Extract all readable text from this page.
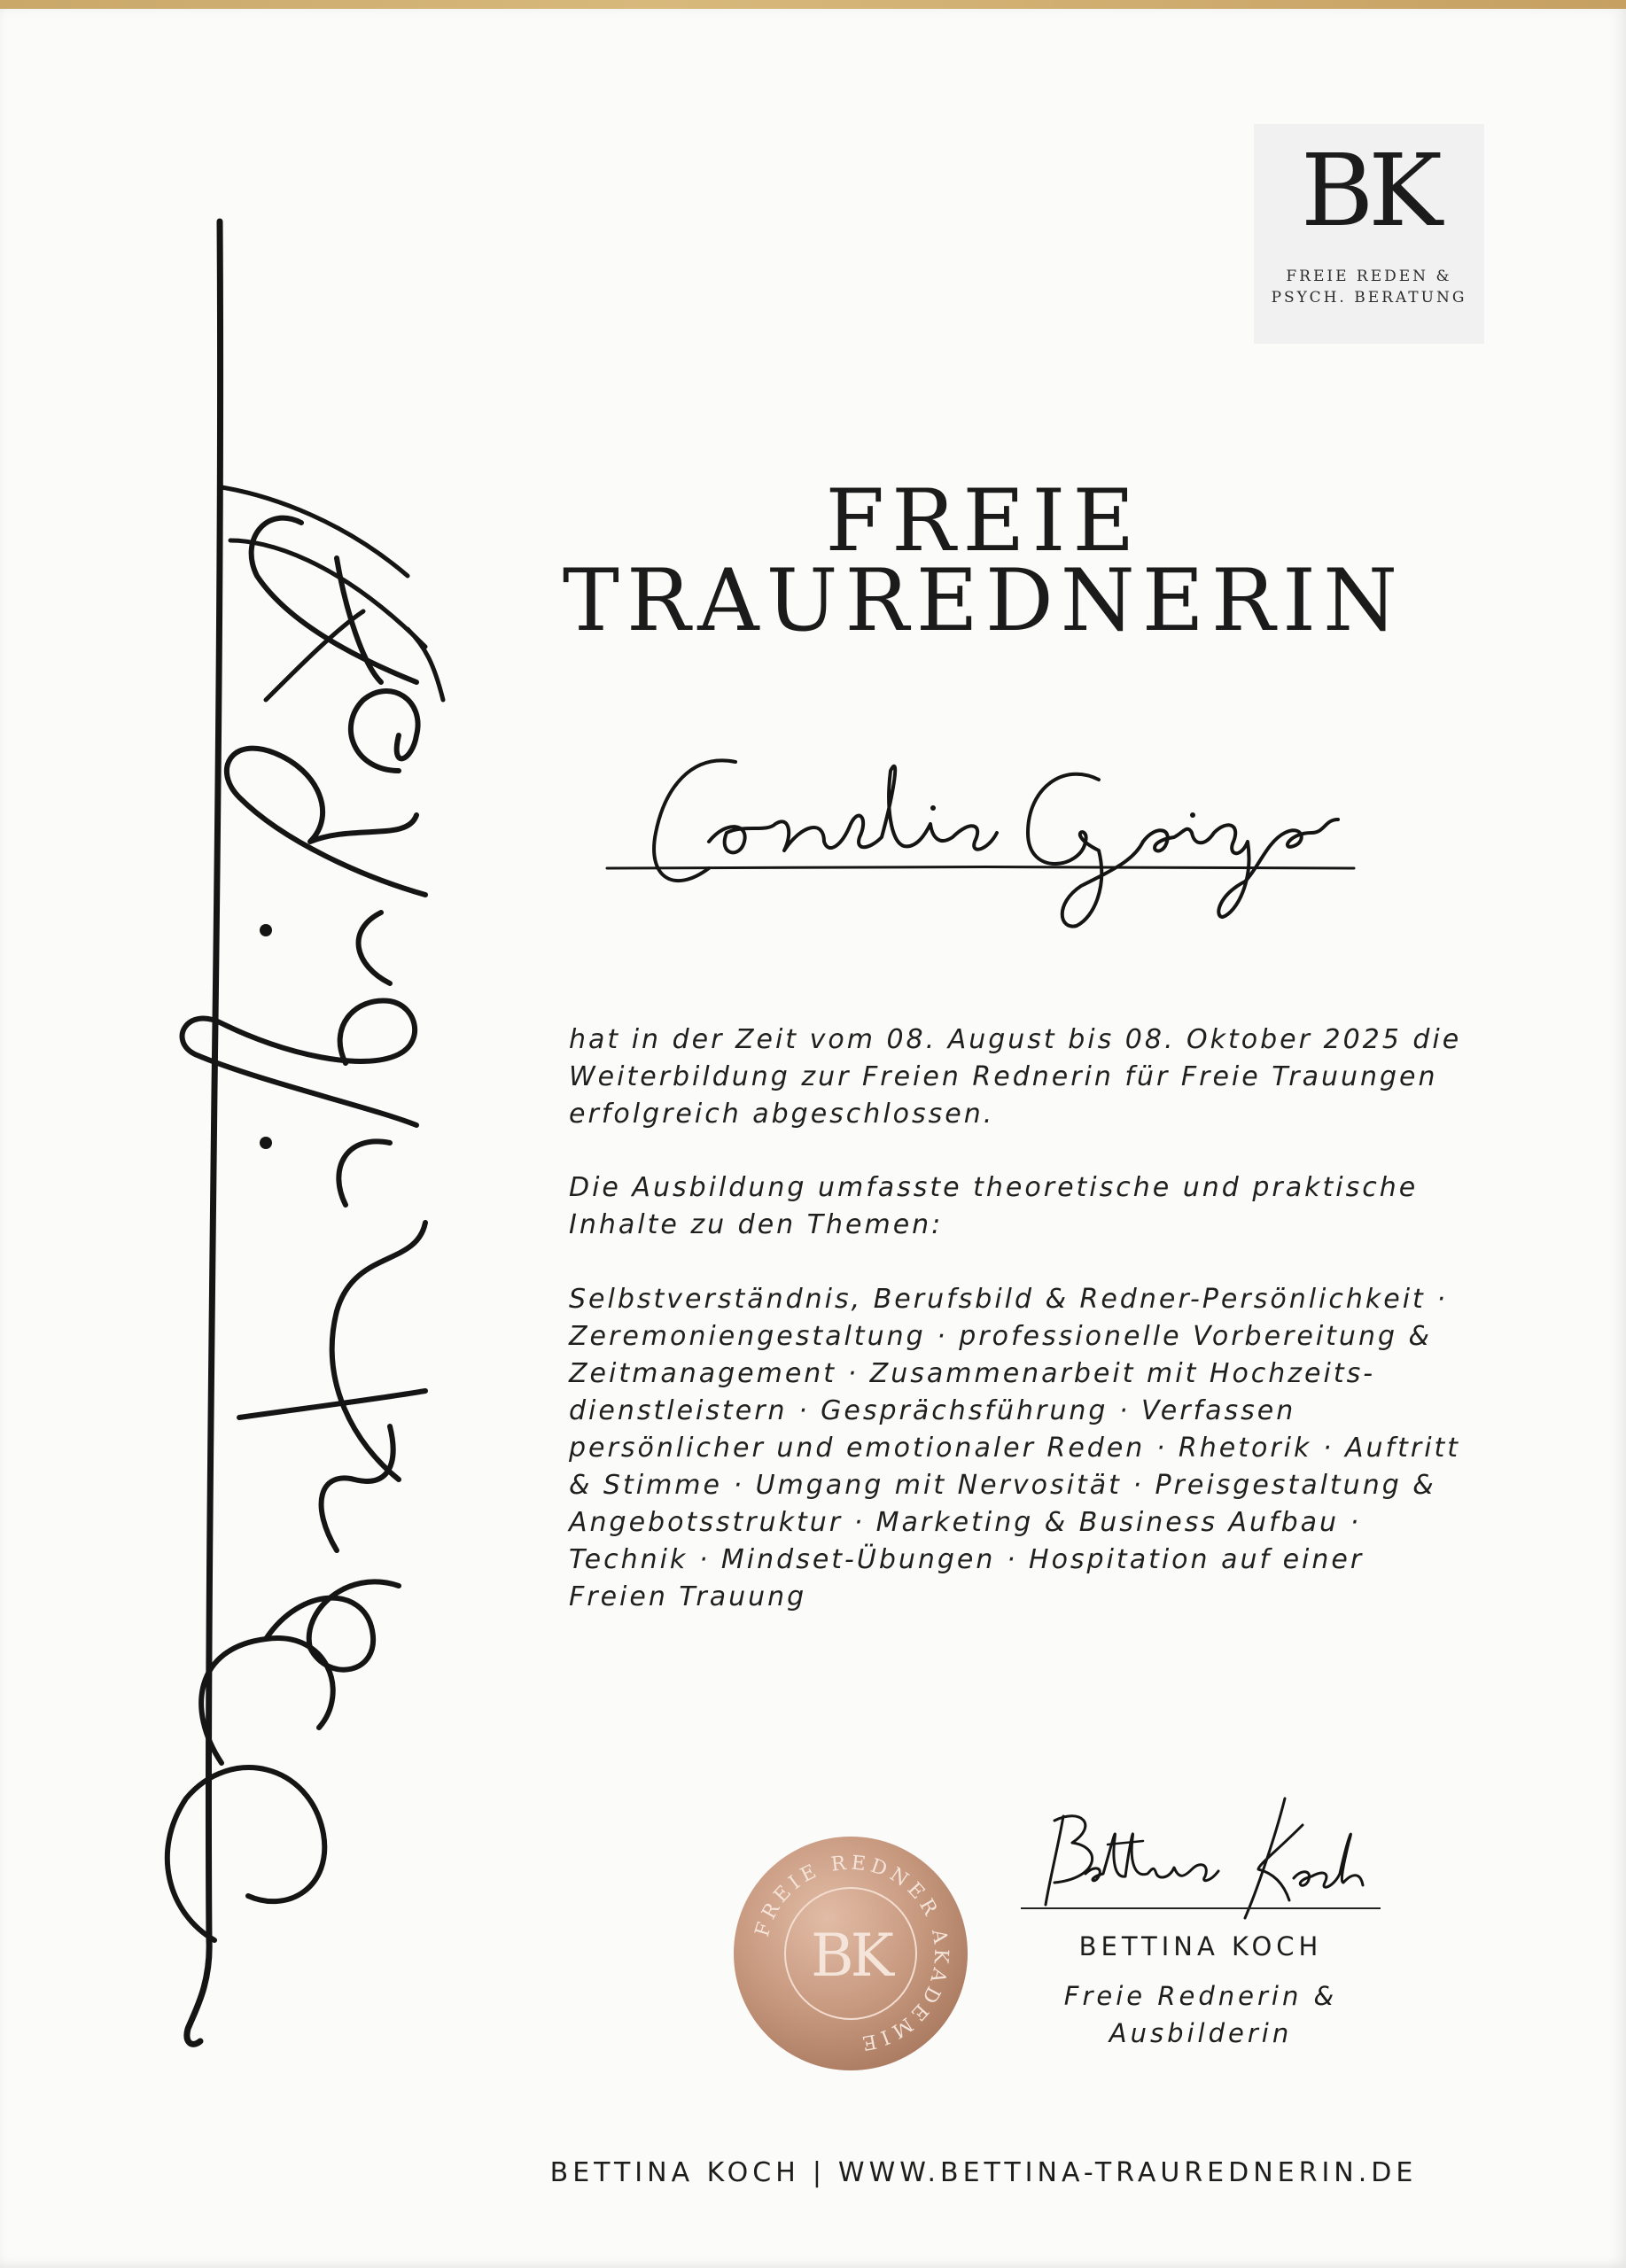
BK
FREIE REDEN &
PSYCH. BERATUNG
FREIE
TRAUREDNERIN

hat in der Zeit vom 08. August bis 08. Oktober 2025 die Weiterbildung zur Freien Rednerin für Freie Trauungen erfolgreich abgeschlossen.

Die Ausbildung umfasste theoretische und praktische Inhalte zu den Themen:

Selbstverständnis, Berufsbild & Redner-Persönlichkeit · Zeremoniengestaltung · professionelle Vorbereitung & Zeitmanagement · Zusammenarbeit mit Hochzeitsdienstleistern · Gesprächsführung · Verfassen persönlicher und emotionaler Reden · Rhetorik · Auftritt & Stimme · Umgang mit Nervosität · Preisgestaltung & Angebotsstruktur · Marketing & Business Aufbau · Technik · Mindset-Übungen · Hospitation auf einer Freien Trauung

FREIE REDNER AKADEMIE
BK	BETTINA KOCH
Freie Rednerin &
Ausbilderin
BETTINA KOCH | WWW.BETTINA-TRAUREDNERIN.DE
